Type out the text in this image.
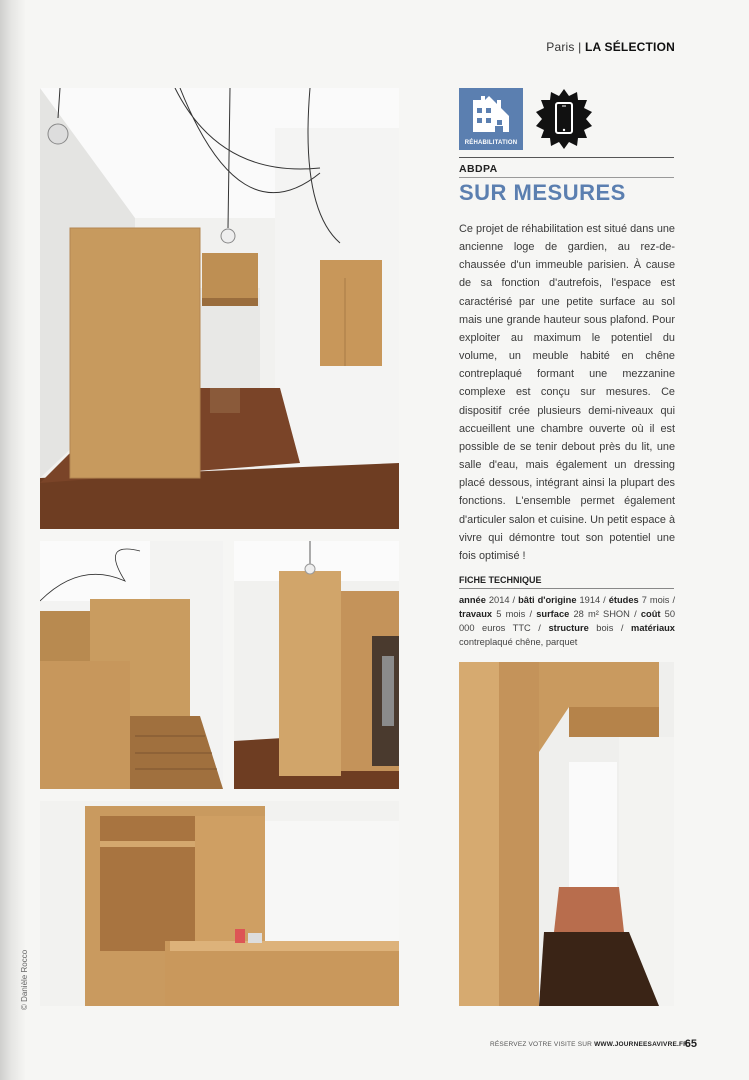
Paris | LA SÉLECTION
© Danièle Rocco
RÉHABILITATION
ABDPA
SUR MESURES
Ce projet de réhabilitation est situé dans une ancienne loge de gardien, au rez-de-chaussée d'un immeuble parisien. À cause de sa fonction d'autrefois, l'espace est caractérisé par une petite surface au sol mais une grande hauteur sous plafond. Pour exploiter au maximum le potentiel du volume, un meuble habité en chêne contreplaqué formant une mezzanine complexe est conçu sur mesures. Ce dispositif crée plusieurs demi-niveaux qui accueillent une chambre ouverte où il est possible de se tenir debout près du lit, une salle d'eau, mais également un dressing placé dessous, intégrant ainsi la plupart des fonctions. L'ensemble permet également d'articuler salon et cuisine. Un petit espace à vivre qui démontre tout son potentiel une fois optimisé !
FICHE TECHNIQUE
année 2014 / bâti d'origine 1914 / études 7 mois / travaux 5 mois / surface 28 m² SHON / coût 50 000 euros TTC / structure bois / matériaux contreplaqué chêne, parquet
RÉSERVEZ VOTRE VISITE SUR WWW.JOURNEESAVIVRE.FR
65
